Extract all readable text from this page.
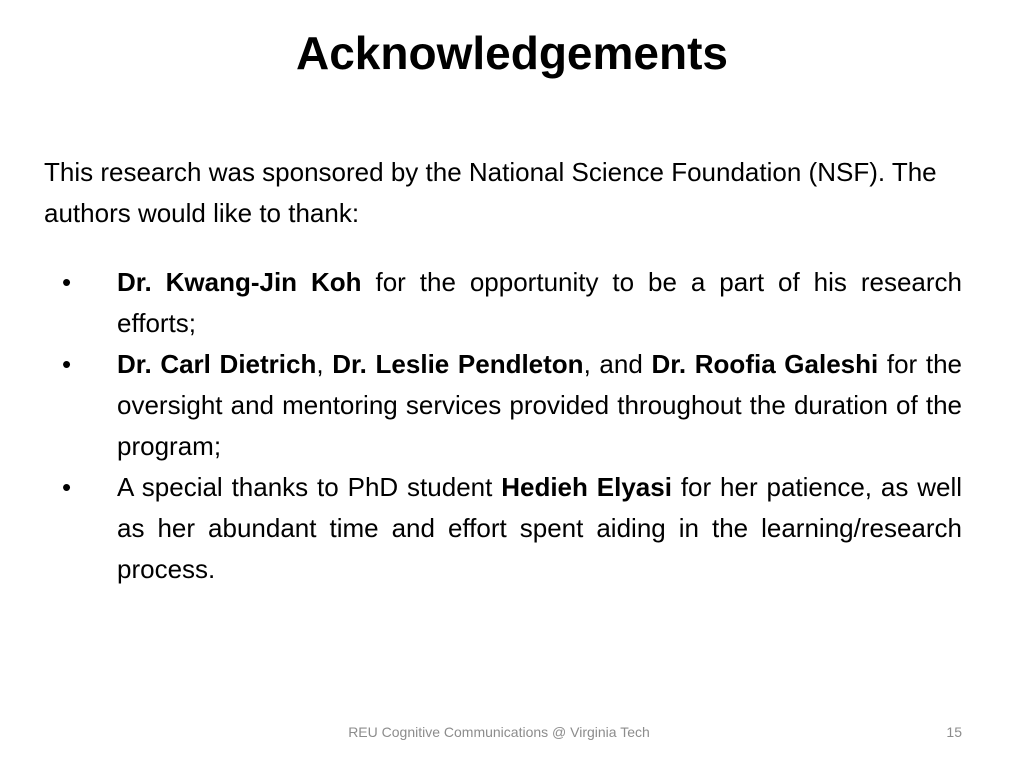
Acknowledgements

This research was sponsored by the National Science Foundation (NSF). The authors would like to thank:

•	Dr. Kwang-Jin Koh for the opportunity to be a part of his research efforts;
•	Dr. Carl Dietrich, Dr. Leslie Pendleton, and Dr. Roofia Galeshi for the oversight and mentoring services provided throughout the duration of the program;
•	A special thanks to PhD student Hedieh Elyasi for her patience, as well as her abundant time and effort spent aiding in the learning/research process.
REU Cognitive Communications @ Virginia Tech	15
